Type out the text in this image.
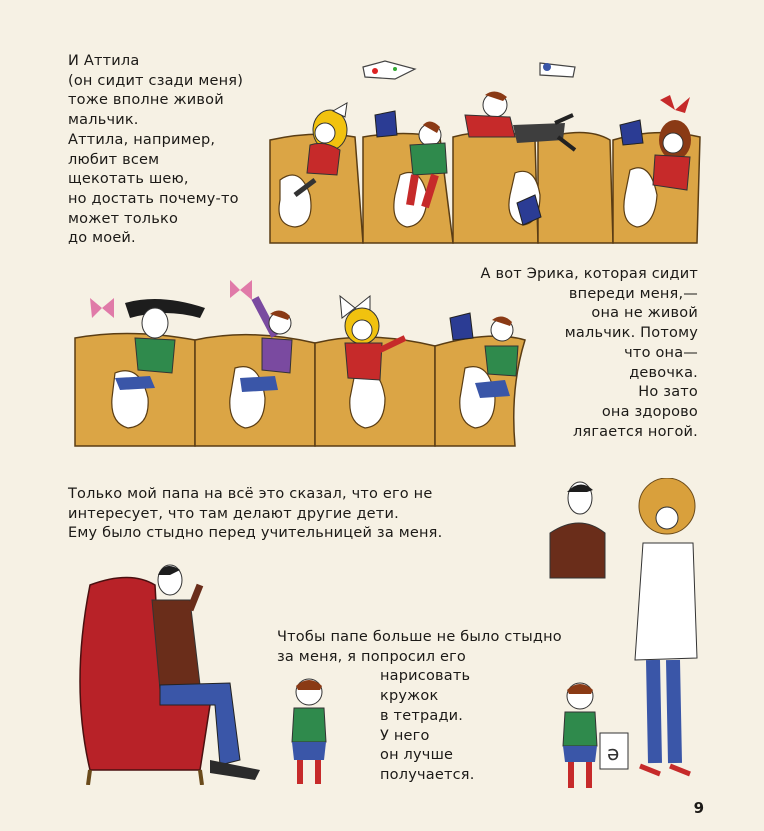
И Аттила
(он сидит сзади меня)
тоже вполне живой
мальчик.
Аттила, например,
любит всем
щекотать шею,
но достать почему-то
может только
до моей.
А вот Эрика, которая сидит
впереди меня,—
она не живой
мальчик. Потому
что она—
девочка.
Но зато
она здорово
лягается ногой.
Только мой папа на всё это сказал, что его не
интересует, что там делают другие дети.
Ему было стыдно перед учительницей за меня.
Чтобы папе больше не было стыдно
за меня, я попросил его
нарисовать
кружок
в тетради.
У него
он лучше
получается.
ə
9
